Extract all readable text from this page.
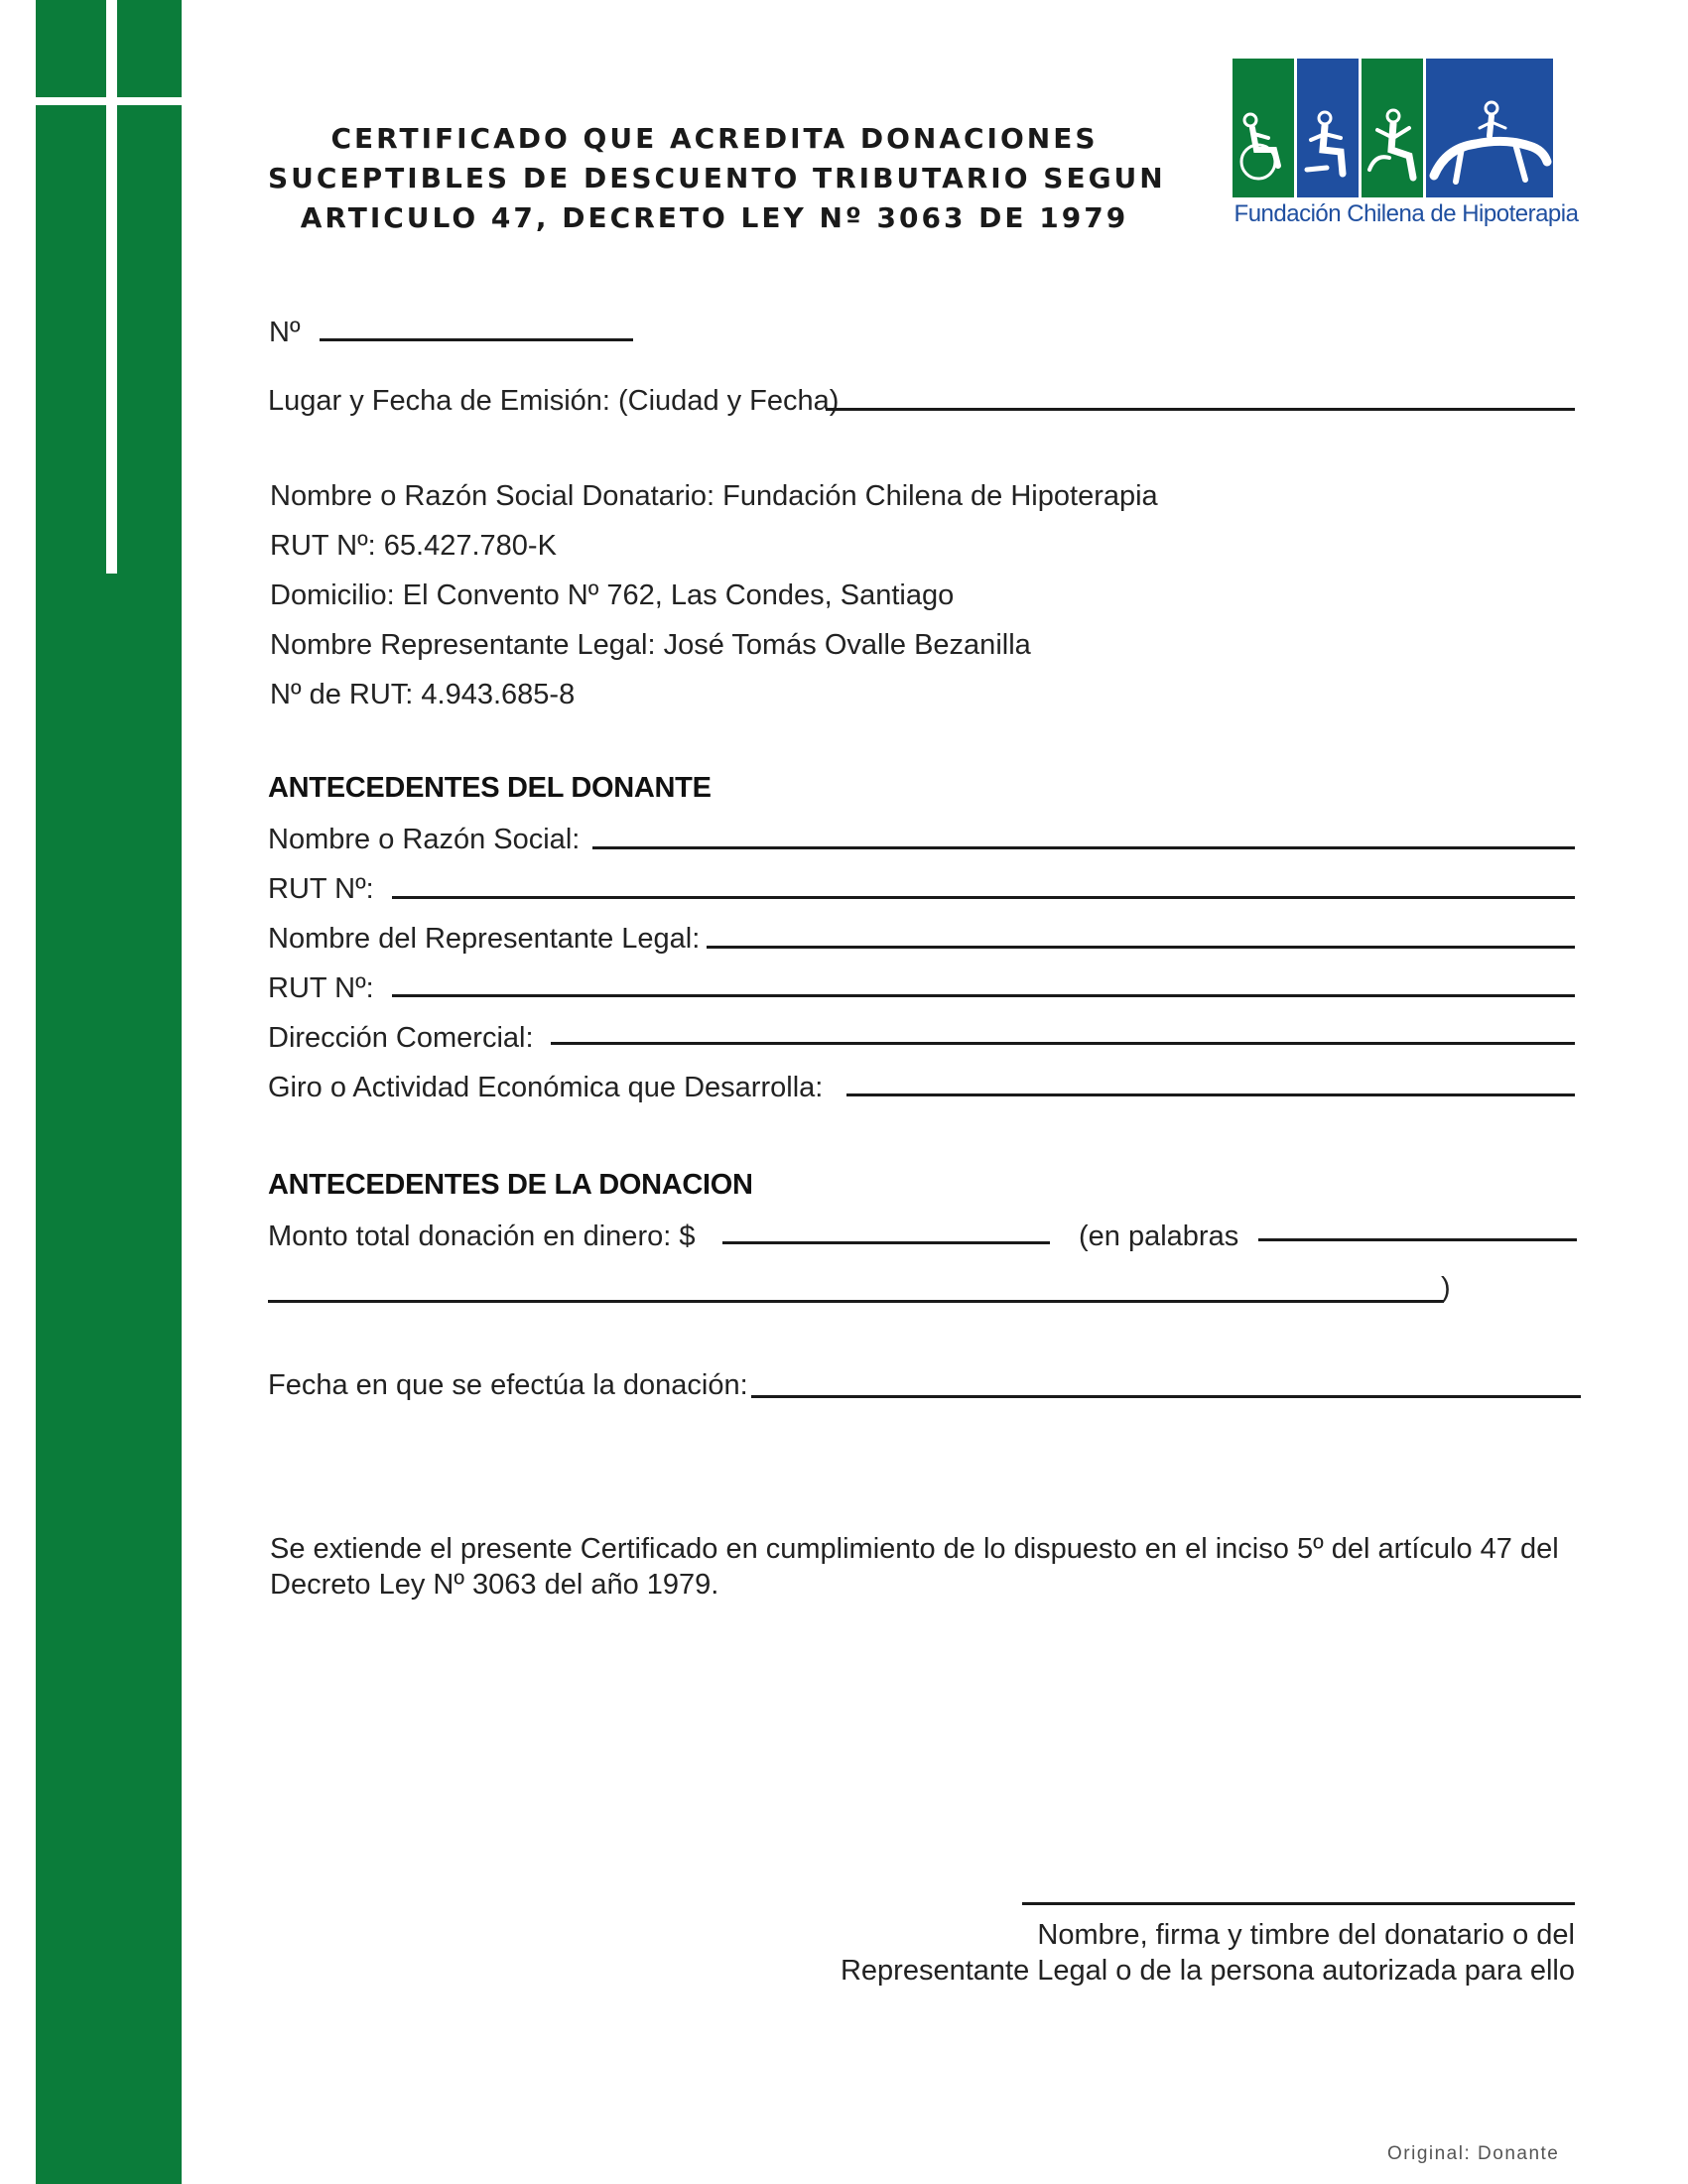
CERTIFICADO QUE ACREDITA DONACIONES
SUCEPTIBLES DE DESCUENTO TRIBUTARIO SEGUN
ARTICULO 47, DECRETO LEY Nº 3063 DE 1979	Fundación Chilena de Hipoterapia
Nº
Lugar y Fecha de Emisión: (Ciudad y Fecha)
Nombre o Razón Social Donatario: Fundación Chilena de Hipoterapia
RUT Nº: 65.427.780-K
Domicilio: El Convento Nº 762, Las Condes, Santiago
Nombre Representante Legal: José Tomás Ovalle Bezanilla
Nº de RUT: 4.943.685-8
ANTECEDENTES DEL DONANTE
Nombre o Razón Social:
RUT Nº:
Nombre del Representante Legal:
RUT Nº:
Dirección Comercial:
Giro o Actividad Económica que Desarrolla:
ANTECEDENTES DE LA DONACION
Monto total donación en dinero: $	(en palabras
)
Fecha en que se efectúa la donación:
Se extiende el presente Certificado en cumplimiento de lo dispuesto en el inciso 5º del artículo 47 del Decreto Ley Nº 3063 del año 1979.
Nombre, firma y timbre del donatario o del
Representante Legal o de la persona autorizada para ello
Original: Donante
